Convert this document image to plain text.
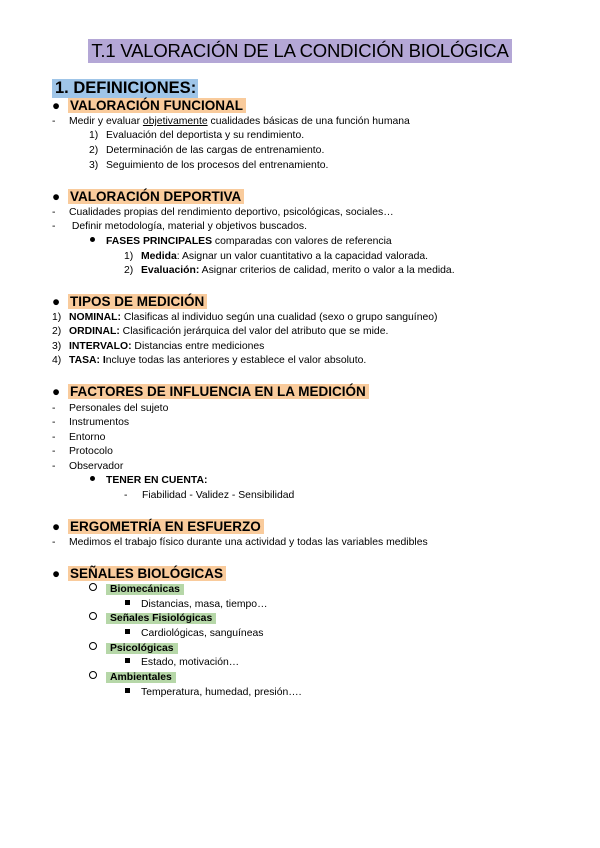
T.1 VALORACIÓN DE LA CONDICIÓN BIOLÓGICA
1. DEFINICIONES:
● VALORACIÓN FUNCIONAL
- Medir y evaluar objetivamente cualidades básicas de una función humana
1) Evaluación del deportista y su rendimiento.
2) Determinación de las cargas de entrenamiento.
3) Seguimiento de los procesos del entrenamiento.
● VALORACIÓN DEPORTIVA
- Cualidades propias del rendimiento deportivo, psicológicas, sociales…
- Definir metodología, material y objetivos buscados.
FASES PRINCIPALES comparadas con valores de referencia
1) Medida: Asignar un valor cuantitativo a la capacidad valorada.
2) Evaluación: Asignar criterios de calidad, merito o valor a la medida.
● TIPOS DE MEDICIÓN
1) NOMINAL: Clasificas al individuo según una cualidad (sexo o grupo sanguíneo)
2) ORDINAL: Clasificación jerárquica del valor del atributo que se mide.
3) INTERVALO: Distancias entre mediciones
4) TASA: Incluye todas las anteriores y establece el valor absoluto.
● FACTORES DE INFLUENCIA EN LA MEDICIÓN
- Personales del sujeto
- Instrumentos
- Entorno
- Protocolo
- Observador
TENER EN CUENTA:
- Fiabilidad - Validez - Sensibilidad
● ERGOMETRÍA EN ESFUERZO
- Medimos el trabajo físico durante una actividad y todas las variables medibles
● SEÑALES BIOLÓGICAS
Biomecánicas
Distancias, masa, tiempo…
Señales Fisiológicas
Cardiológicas, sanguíneas
Psicológicas
Estado, motivación…
Ambientales
Temperatura, humedad, presión….
